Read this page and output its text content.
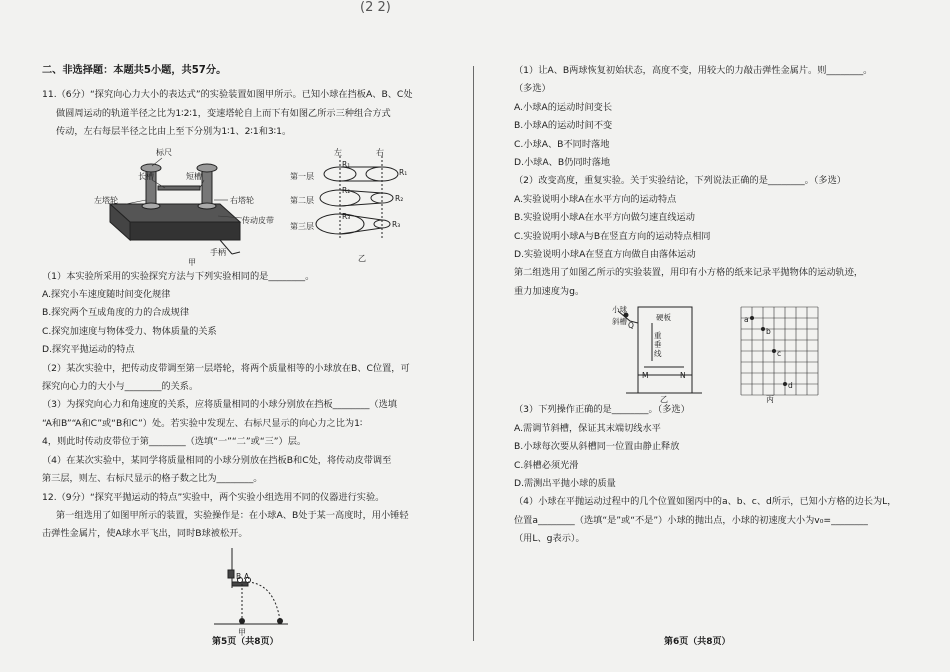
(2 2)
二、非选择题：本题共5小题，共57分。
11.（6分）“探究向心力大小的表达式”的实验装置如图甲所示。已知小球在挡板A、B、C处
做圆周运动的轨道半径之比为1∶2∶1，变速塔轮自上而下有如图乙所示三种组合方式
传动，左右每层半径之比由上至下分别为1∶1、2∶1和3∶1。
标尺
长槽	短槽
左塔轮	右塔轮
传动皮带
手柄
甲
左	右
第一层
第二层
第三层
R₁
R₂
R₃
R₁
R₂
R₃
乙
（1）本实验所采用的实验探究方法与下列实验相同的是________。
A.探究小车速度随时间变化规律
B.探究两个互成角度的力的合成规律
C.探究加速度与物体受力、物体质量的关系
D.探究平抛运动的特点
（2）某次实验中，把传动皮带调至第一层塔轮，将两个质量相等的小球放在B、C位置，可
探究向心力的大小与________的关系。
（3）为探究向心力和角速度的关系，应将质量相同的小球分别放在挡板________（选填
“A和B”“A和C”或“B和C”）处。若实验中发现左、右标尺显示的向心力之比为1∶
4，则此时传动皮带位于第________（选填“一”“二”或“三”）层。
（4）在某次实验中，某同学将质量相同的小球分别放在挡板B和C处，将传动皮带调至
第三层，则左、右标尺显示的格子数之比为________。
12.（9分）“探究平抛运动的特点”实验中，两个实验小组选用不同的仪器进行实验。
第一组选用了如图甲所示的装置，实验操作是：在小球A、B处于某一高度时，用小锤轻
击弹性金属片，使A球水平飞出，同时B球被松开。
A
B
甲
第5页（共8页）
（1）让A、B两球恢复初始状态，高度不变，用较大的力敲击弹性金属片。则________。
（多选）
A.小球A的运动时间变长
B.小球A的运动时间不变
C.小球A、B不同时落地
D.小球A、B仍同时落地
（2）改变高度，重复实验。关于实验结论，下列说法正确的是________。（多选）
A.实验说明小球A在水平方向的运动特点
B.实验说明小球A在水平方向做匀速直线运动
C.实验说明小球A与B在竖直方向的运动特点相同
D.实验说明小球A在竖直方向做自由落体运动
第二组选用了如图乙所示的实验装置，用印有小方格的纸来记录平抛物体的运动轨迹，
重力加速度为g。
小球
斜槽 Q
硬板
重垂线
M	N
乙
a
b
c
d
丙
（3）下列操作正确的是________。（多选）
A.需调节斜槽，保证其末端切线水平
B.小球每次要从斜槽同一位置由静止释放
C.斜槽必须光滑
D.需测出平抛小球的质量
（4）小球在平抛运动过程中的几个位置如图丙中的a、b、c、d所示，已知小方格的边长为L，
位置a________（选填“是”或“不是”）小球的抛出点，小球的初速度大小为v₀=________
（用L、g表示）。
第6页（共8页）
